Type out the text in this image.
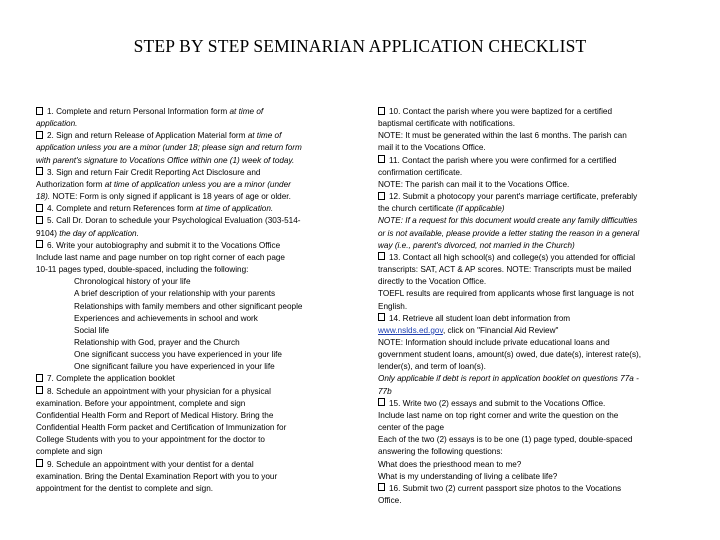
STEP BY STEP SEMINARIAN APPLICATION CHECKLIST
1. Complete and return Personal Information form at time of
application.
2. Sign and return Release of Application Material form at time of
application unless you are a minor (under 18; please sign and return form
with parent's signature to Vocations Office within one (1) week of today.
3. Sign and return Fair Credit Reporting Act Disclosure and
Authorization form at time of application unless you are a minor (under
18). NOTE: Form is only signed if applicant is 18 years of age or older.
4. Complete and return References form at time of application.
5. Call Dr. Doran to schedule your Psychological Evaluation (303-514-
9104) the day of application.
6. Write your autobiography and submit it to the Vocations Office
Include last name and page number on top right corner of each page
10-11 pages typed, double-spaced, including the following:
Chronological history of your life
A brief description of your relationship with your parents
Relationships with family members and other significant people
Experiences and achievements in school and work
Social life
Relationship with God, prayer and the Church
One significant success you have experienced in your life
One significant failure you have experienced in your life
7. Complete the application booklet
8. Schedule an appointment with your physician for a physical
examination. Before your appointment, complete and sign
Confidential Health Form and Report of Medical History. Bring the
Confidential Health Form packet and Certification of Immunization for
College Students with you to your appointment for the doctor to
complete and sign
9. Schedule an appointment with your dentist for a dental
examination. Bring the Dental Examination Report with you to your
appointment for the dentist to complete and sign.
10. Contact the parish where you were baptized for a certified
baptismal certificate with notifications.
NOTE: It must be generated within the last 6 months. The parish can
mail it to the Vocations Office.
11. Contact the parish where you were confirmed for a certified
confirmation certificate.
NOTE: The parish can mail it to the Vocations Office.
12. Submit a photocopy your parent's marriage certificate, preferably
the church certificate (if applicable)
NOTE: If a request for this document would create any family difficulties
or is not available, please provide a letter stating the reason in a general
way (i.e., parent's divorced, not married in the Church)
13. Contact all high school(s) and college(s) you attended for official
transcripts: SAT, ACT & AP scores. NOTE: Transcripts must be mailed
directly to the Vocation Office.
TOEFL results are required from applicants whose first language is not
English.
14. Retrieve all student loan debt information from
www.nslds.ed.gov, click on "Financial Aid Review"
NOTE: Information should include private educational loans and
government student loans, amount(s) owed, due date(s), interest rate(s),
lender(s), and term of loan(s).
Only applicable if debt is report in application booklet on questions 77a -
77b
15. Write two (2) essays and submit to the Vocations Office.
Include last name on top right corner and write the question on the
center of the page
Each of the two (2) essays is to be one (1) page typed, double-spaced
answering the following questions:
What does the priesthood mean to me?
What is my understanding of living a celibate life?
16. Submit two (2) current passport size photos to the Vocations
Office.
